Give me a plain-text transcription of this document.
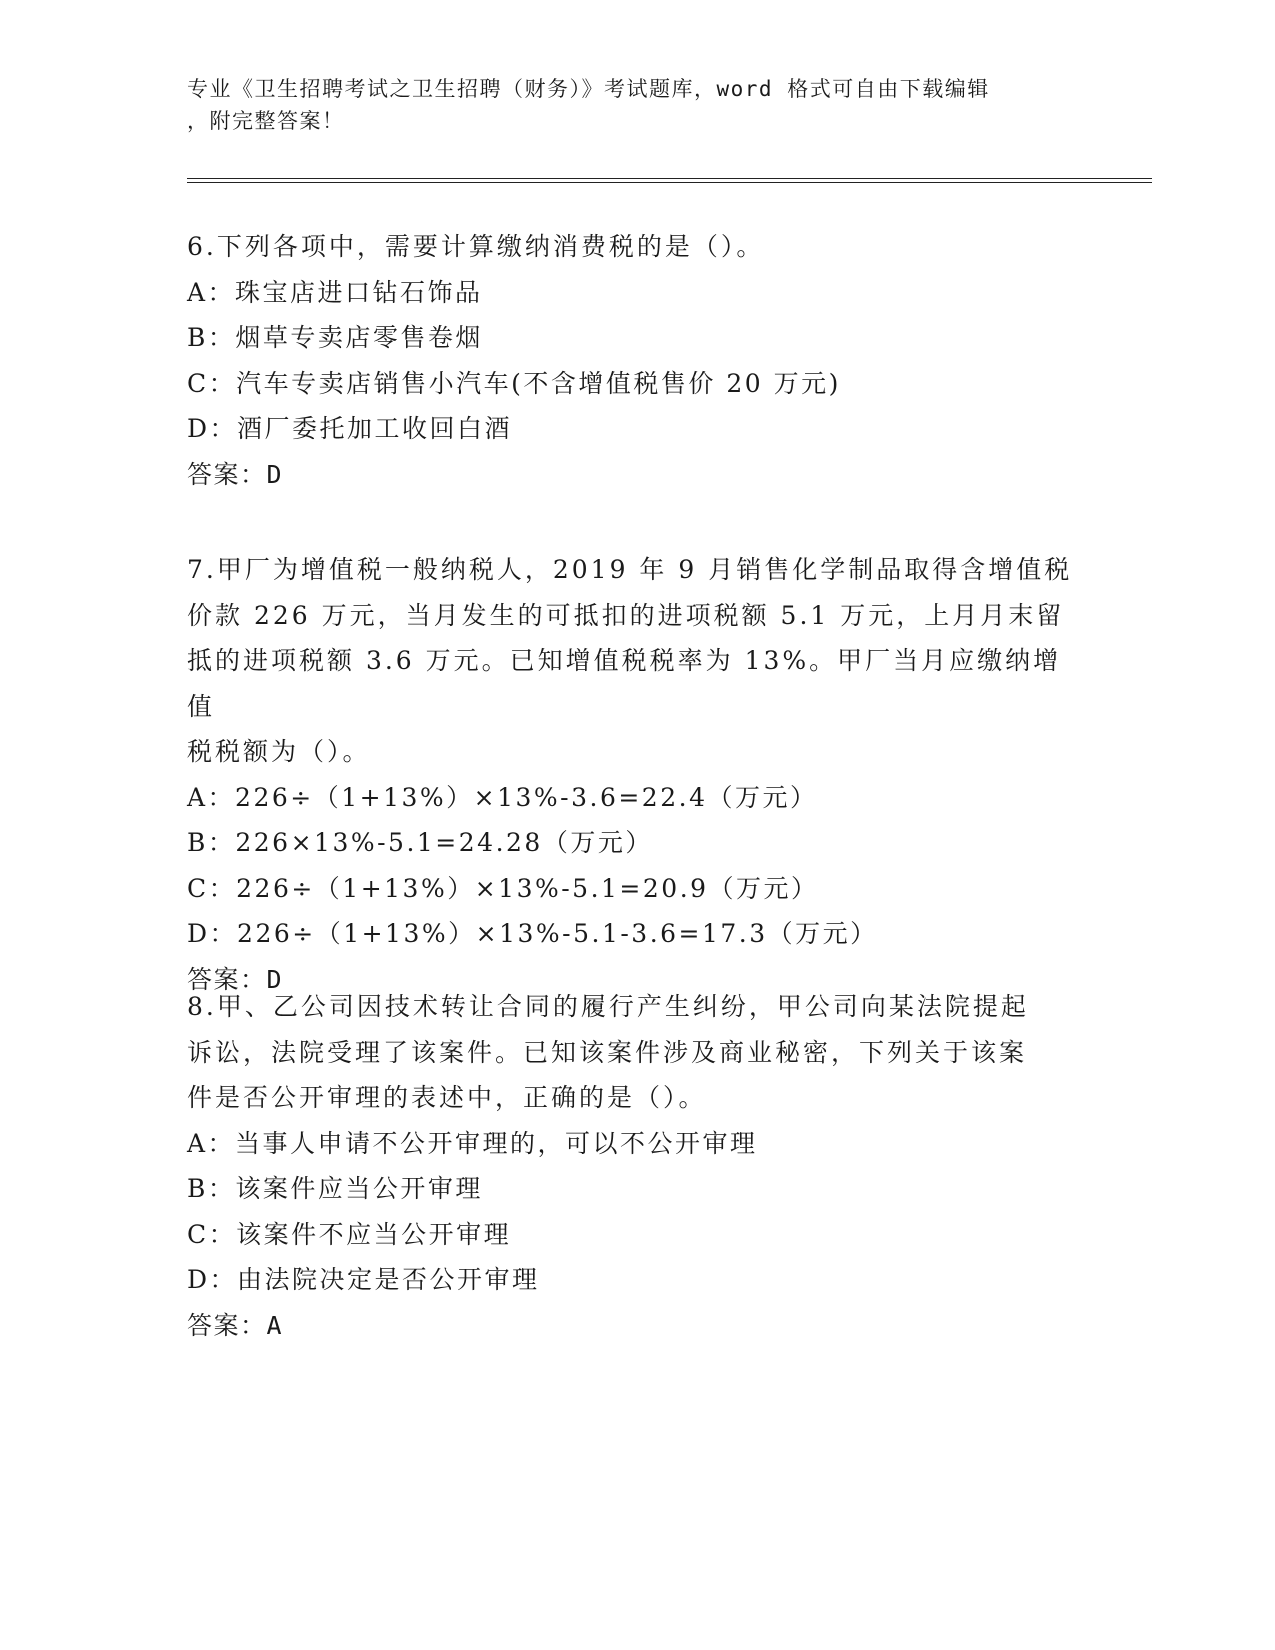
专业《卫生招聘考试之卫生招聘（财务）》考试题库，word 格式可自由下载编辑
，附完整答案！
6.下列各项中，需要计算缴纳消费税的是（）。
A：珠宝店进口钻石饰品
B：烟草专卖店零售卷烟
C：汽车专卖店销售小汽车(不含增值税售价 20 万元)
D：酒厂委托加工收回白酒
答案：D
7.甲厂为增值税一般纳税人，2019 年 9 月销售化学制品取得含增值税
价款 226 万元，当月发生的可抵扣的进项税额 5.1 万元，上月月末留
抵的进项税额 3.6 万元。已知增值税税率为 13%。甲厂当月应缴纳增值
税税额为（）。
A：226÷（1+13%）×13%-3.6=22.4（万元）
B：226×13%-5.1=24.28（万元）
C：226÷（1+13%）×13%-5.1=20.9（万元）
D：226÷（1+13%）×13%-5.1-3.6=17.3（万元）
答案：D
8.甲、乙公司因技术转让合同的履行产生纠纷，甲公司向某法院提起
诉讼，法院受理了该案件。已知该案件涉及商业秘密，下列关于该案
件是否公开审理的表述中，正确的是（）。
A：当事人申请不公开审理的，可以不公开审理
B：该案件应当公开审理
C：该案件不应当公开审理
D：由法院决定是否公开审理
答案：A
